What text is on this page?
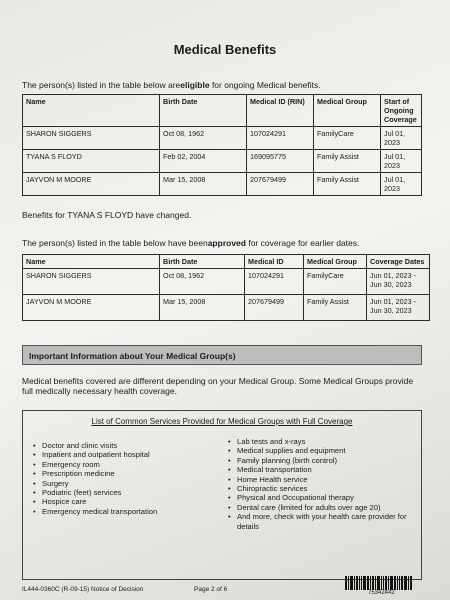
Medical Benefits
The person(s) listed in the table below areeligible for ongoing Medical benefits.
Name	Birth Date	Medical ID (RIN)	Medical Group	Start of Ongoing Coverage
SHARON SIGGERS	Oct 08, 1962	107024291	FamilyCare	Jul 01, 2023
TYANA S FLOYD	Feb 02, 2004	169095775	Family Assist	Jul 01, 2023
JAYVON M MOORE	Mar 15, 2008	207679499	Family Assist	Jul 01, 2023
Benefits for TYANA S FLOYD have changed.
The person(s) listed in the table below have beenapproved for coverage for earlier dates.
Name	Birth Date	Medical ID	Medical Group	Coverage Dates
SHARON SIGGERS	Oct 08, 1962	107024291	FamilyCare	Jun 01, 2023 - Jun 30, 2023
JAYVON M MOORE	Mar 15, 2008	207679499	Family Assist	Jun 01, 2023 - Jun 30, 2023
Important Information about Your Medical Group(s)
Medical benefits covered are different depending on your Medical Group. Some Medical Groups provide full medically necessary health coverage.
List of Common Services Provided for Medical Groups with Full Coverage
• Doctor and clinic visits
• Inpatient and outpatient hospital
• Emergency room
• Prescription medicine
• Surgery
• Podiatric (feet) services
• Hospice care
• Emergency medical transportation
• Lab tests and x-rays
• Medical supplies and equipment
• Family planning (birth control)
• Medical transportation
• Home Health service
• Chiropractic services
• Physical and Occupational therapy
• Dental care (limited for adults over age 20)
• And more, check with your health care provider for details
IL444-0360C (R-09-15) Notice of Decision	Page 2 of 6	75342442
